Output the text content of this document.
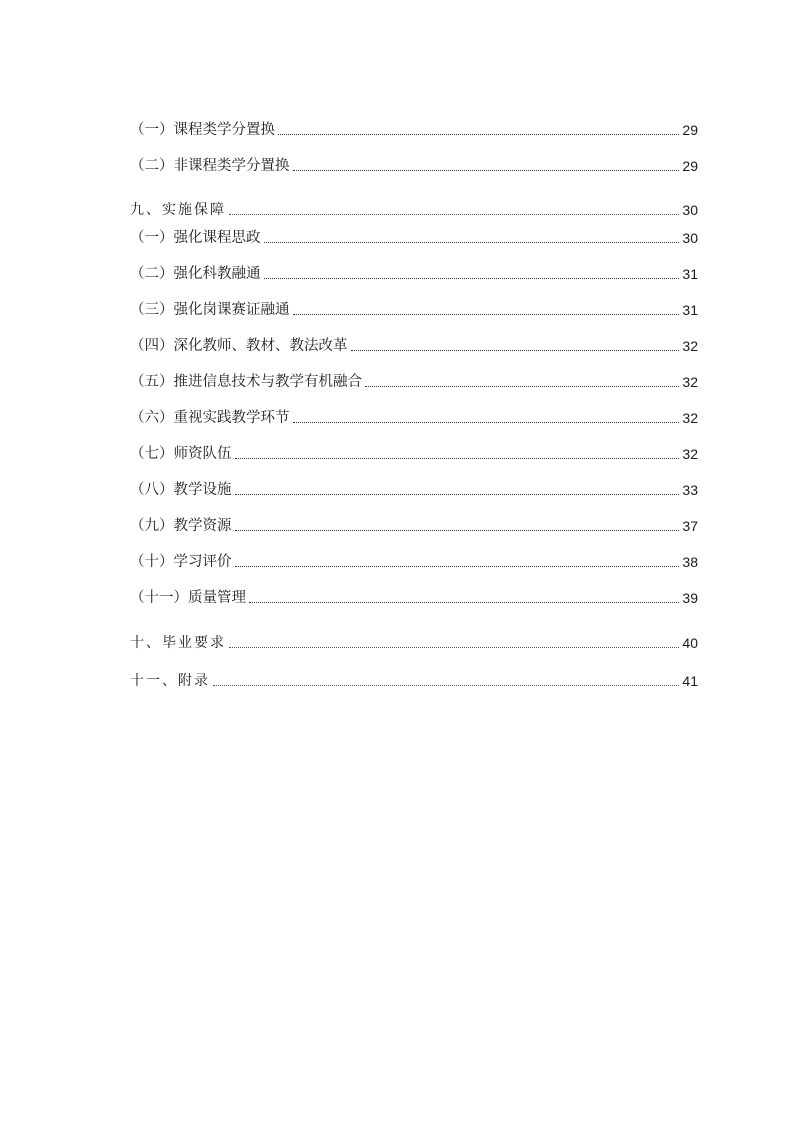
（一）课程类学分置换	29
（二）非课程类学分置换	29
九、实施保障	30
（一）强化课程思政	30
（二）强化科教融通	31
（三）强化岗课赛证融通	31
（四）深化教师、教材、教法改革	32
（五）推进信息技术与教学有机融合	32
（六）重视实践教学环节	32
（七）师资队伍	32
（八）教学设施	33
（九）教学资源	37
（十）学习评价	38
（十一）质量管理	39
十、毕业要求	40
十一、附录	41
